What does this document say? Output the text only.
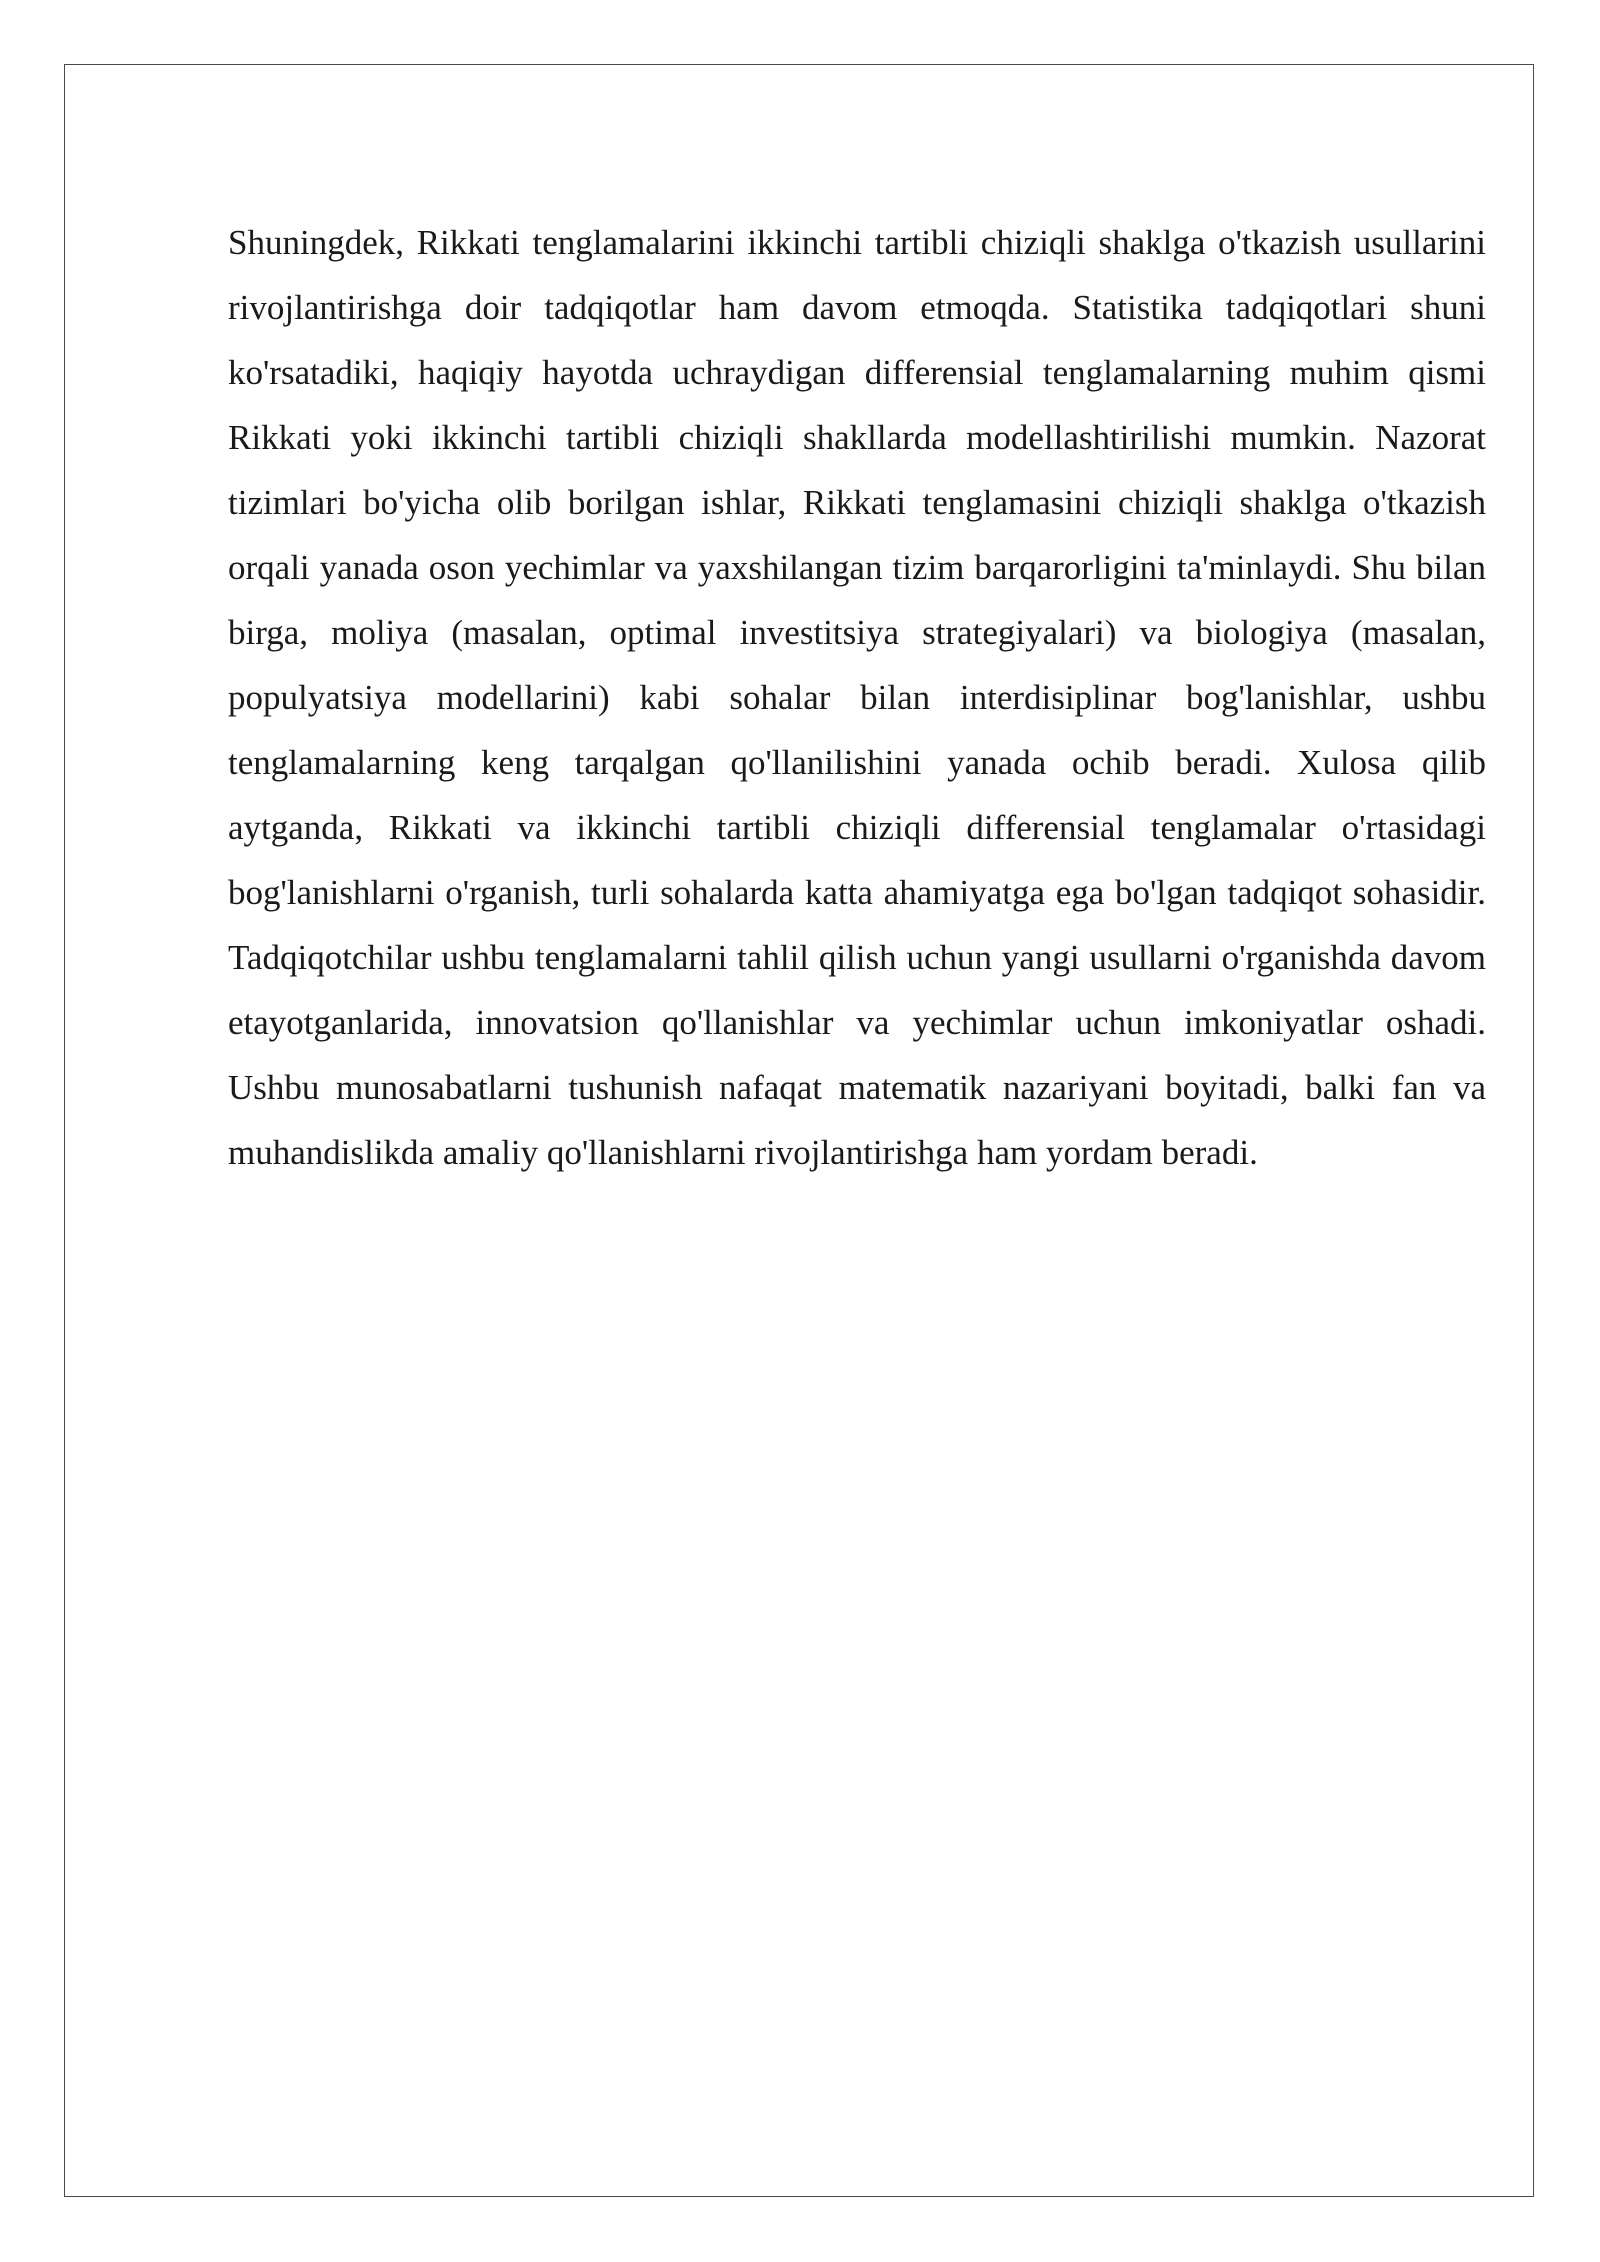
Shuningdek, Rikkati tenglamalarini ikkinchi tartibli chiziqli shaklga o'tkazish usullarini rivojlantirishga doir tadqiqotlar ham davom etmoqda. Statistika tadqiqotlari shuni ko'rsatadiki, haqiqiy hayotda uchraydigan differensial tenglamalarning muhim qismi Rikkati yoki ikkinchi tartibli chiziqli shakllarda modellashtirilishi mumkin. Nazorat tizimlari bo'yicha olib borilgan ishlar, Rikkati tenglamasini chiziqli shaklga o'tkazish orqali yanada oson yechimlar va yaxshilangan tizim barqarorligini ta'minlaydi. Shu bilan birga, moliya (masalan, optimal investitsiya strategiyalari) va biologiya (masalan, populyatsiya modellarini) kabi sohalar bilan interdisiplinar bog'lanishlar, ushbu tenglamalarning keng tarqalgan qo'llanilishini yanada ochib beradi. Xulosa qilib aytganda, Rikkati va ikkinchi tartibli chiziqli differensial tenglamalar o'rtasidagi bog'lanishlarni o'rganish, turli sohalarda katta ahamiyatga ega bo'lgan tadqiqot sohasidir. Tadqiqotchilar ushbu tenglamalarni tahlil qilish uchun yangi usullarni o'rganishda davom etayotganlarida, innovatsion qo'llanishlar va yechimlar uchun imkoniyatlar oshadi. Ushbu munosabatlarni tushunish nafaqat matematik nazariyani boyitadi, balki fan va muhandislikda amaliy qo'llanishlarni rivojlantirishga ham yordam beradi.
